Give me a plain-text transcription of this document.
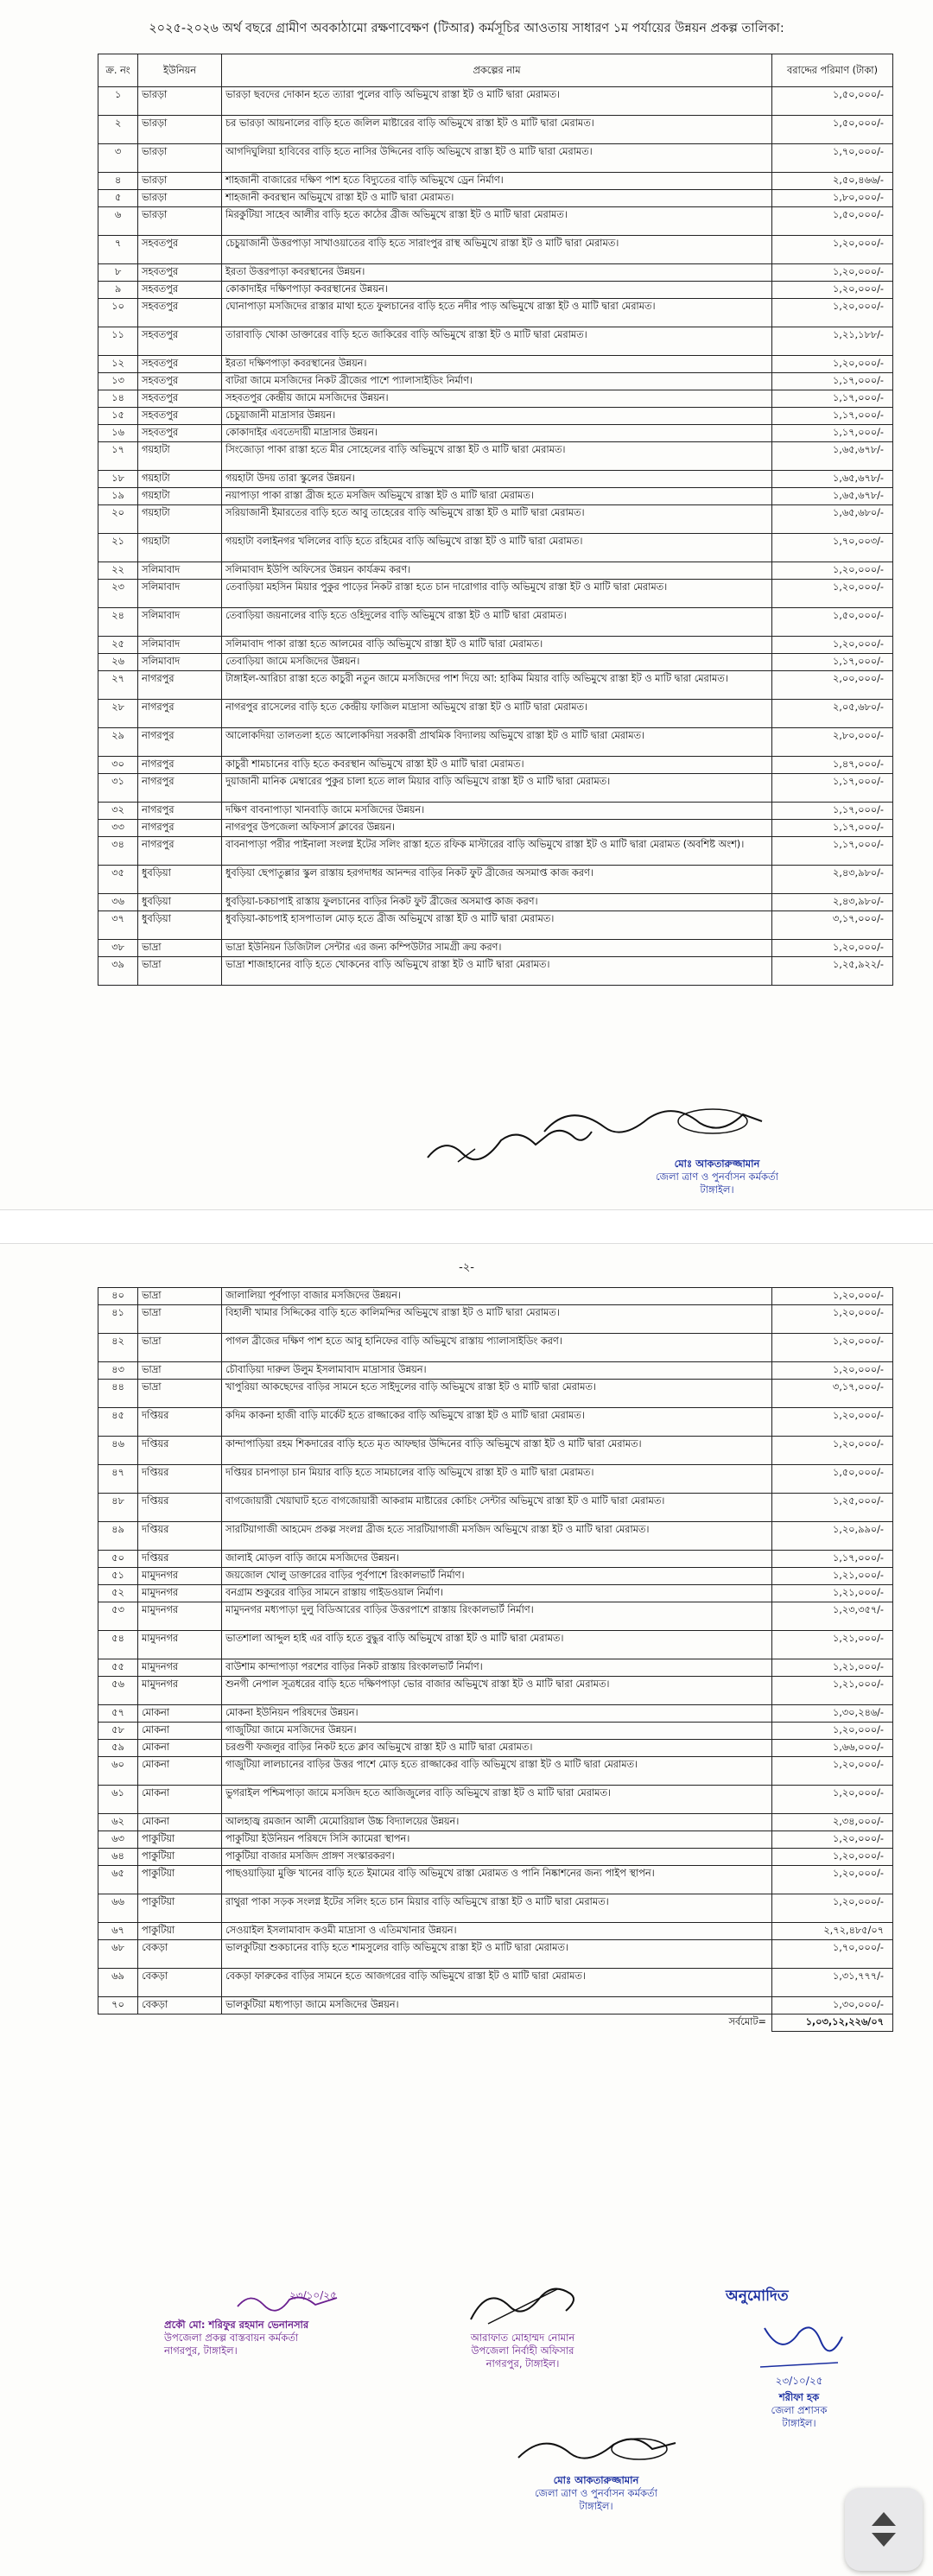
২০২৫-২০২৬ অর্থ বছরে গ্রামীণ অবকাঠামো রক্ষণাবেক্ষণ (টিআর) কর্মসূচির আওতায় সাধারণ ১ম পর্যায়ের উন্নয়ন প্রকল্প তালিকা:
ক্র. নং	ইউনিয়ন	প্রকল্পের নাম	বরাদ্দের পরিমাণ (টাকা)
১	ভারড়া	ভারড়া ছবদের দোকান হতে ত্যারা পুলের বাড়ি অভিমুখে রাস্তা ইট ও মাটি দ্বারা মেরামত।	১,৫০,০০০/-
২	ভারড়া	চর ভারড়া আয়নালের বাড়ি হতে জলিল মাষ্টারের বাড়ি অভিমুখে রাস্তা ইট ও মাটি দ্বারা মেরামত।	১,৫০,০০০/-
৩	ভারড়া	আগদিঘুলিয়া হাবিবের বাড়ি হতে নাসির উদ্দিনের বাড়ি অভিমুখে রাস্তা ইট ও মাটি দ্বারা মেরামত।	১,৭০,০০০/-
৪	ভারড়া	শাহজানী বাজারের দক্ষিণ পাশ হতে বিদ্যুতের বাড়ি অভিমুখে ড্রেন নির্মাণ।	২,৫০,৪৬৬/-
৫	ভারড়া	শাহজানী কবরস্থান অভিমুখে রাস্তা ইট ও মাটি দ্বারা মেরামত।	১,৮০,০০০/-
৬	ভারড়া	মিরকুটিয়া সাহেব আলীর বাড়ি হতে কাঠের ব্রীজ অভিমুখে রাস্তা ইট ও মাটি দ্বারা মেরামত।	১,৫০,০০০/-
৭	সহবতপুর	চেচুয়াজানী উত্তরপাড়া সাখাওয়াতের বাড়ি হতে সারাংপুর রাস্থ অভিমুখে রাস্তা ইট ও মাটি দ্বারা মেরামত।	১,২০,০০০/-
৮	সহবতপুর	ইরতা উত্তরপাড়া কবরস্থানের উন্নয়ন।	১,২০,০০০/-
৯	সহবতপুর	কোকাদাইর দক্ষিণপাড়া কবরস্থানের উন্নয়ন।	১,২০,০০০/-
১০	সহবতপুর	ঘোনাপাড়া মসজিদের রাস্তার মাথা হতে ফুলচানের বাড়ি হতে নদীর পাড় অভিমুখে রাস্তা ইট ও মাটি দ্বারা মেরামত।	১,২০,০০০/-
১১	সহবতপুর	তারাবাড়ি খোকা ডাক্তারের বাড়ি হতে জাকিরের বাড়ি অভিমুখে রাস্তা ইট ও মাটি দ্বারা মেরামত।	১,২১,১৮৮/-
১২	সহবতপুর	ইরতা দক্ষিণপাড়া কবরস্থানের উন্নয়ন।	১,২০,০০০/-
১৩	সহবতপুর	বাটরা জামে মসজিদের নিকট ব্রীজের পাশে প্যালাসাইডিং নির্মাণ।	১,১৭,০০০/-
১৪	সহবতপুর	সহবতপুর কেন্দ্রীয় জামে মসজিদের উন্নয়ন।	১,১৭,০০০/-
১৫	সহবতপুর	চেচুয়াজানী মাদ্রাসার উন্নয়ন।	১,১৭,০০০/-
১৬	সহবতপুর	কোকাদাইর এবতেদায়ী মাদ্রাসার উন্নয়ন।	১,১৭,০০০/-
১৭	গয়হাটা	সিংজোড়া পাকা রাস্তা হতে মীর সোহেলের বাড়ি অভিমুখে রাস্তা ইট ও মাটি দ্বারা মেরামত।	১,৬৫,৬৭৮/-
১৮	গয়হাটা	গয়হাটা উদয় তারা স্কুলের উন্নয়ন।	১,৬৫,৬৭৮/-
১৯	গয়হাটা	নয়াপাড়া পাকা রাস্তা ব্রীজ হতে মসজিদ অভিমুখে রাস্তা ইট ও মাটি দ্বারা মেরামত।	১,৬৫,৬৭৮/-
২০	গয়হাটা	সরিয়াজানী ইমারতের বাড়ি হতে আবু তাহেরের বাড়ি অভিমুখে রাস্তা ইট ও মাটি দ্বারা মেরামত।	১,৬৫,৬৮০/-
২১	গয়হাটা	গয়হাটা বলাইনগর খলিলের বাড়ি হতে রহিমের বাড়ি অভিমুখে রাস্তা ইট ও মাটি দ্বারা মেরামত।	১,৭০,০০৩/-
২২	সলিমাবাদ	সলিমাবাদ ইউপি অফিসের উন্নয়ন কার্যক্রম করণ।	১,২০,০০০/-
২৩	সলিমাবাদ	তেবাড়িয়া মহসিন মিয়ার পুকুর পাড়ের নিকট রাস্তা হতে চান দারোগার বাড়ি অভিমুখে রাস্তা ইট ও মাটি দ্বারা মেরামত।	১,২০,০০০/-
২৪	সলিমাবাদ	তেবাড়িয়া জয়নালের বাড়ি হতে ওহিদুলের বাড়ি অভিমুখে রাস্তা ইট ও মাটি দ্বারা মেরামত।	১,৫০,০০০/-
২৫	সলিমাবাদ	সলিমাবাদ পাকা রাস্তা হতে আলমের বাড়ি অভিমুখে রাস্তা ইট ও মাটি দ্বারা মেরামত।	১,২০,০০০/-
২৬	সলিমাবাদ	তেবাড়িয়া জামে মসজিদের উন্নয়ন।	১,১৭,০০০/-
২৭	নাগরপুর	টাঙ্গাইল-আরিচা রাস্তা হতে কাচুরী নতুন জামে মসজিদের পাশ দিয়ে আ: হাকিম মিয়ার বাড়ি অভিমুখে রাস্তা ইট ও মাটি দ্বারা মেরামত।	২,০০,০০০/-
২৮	নাগরপুর	নাগরপুর রাসেলের বাড়ি হতে কেন্দ্রীয় ফাজিল মাদ্রাসা অভিমুখে রাস্তা ইট ও মাটি দ্বারা মেরামত।	২,০৫,৬৮০/-
২৯	নাগরপুর	আলোকদিয়া তালতলা হতে আলোকদিয়া সরকারী প্রাথমিক বিদ্যালয় অভিমুখে রাস্তা ইট ও মাটি দ্বারা মেরামত।	২,৮০,০০০/-
৩০	নাগরপুর	কাচুরী শামচানের বাড়ি হতে কবরস্থান অভিমুখে রাস্তা ইট ও মাটি দ্বারা মেরামত।	১,৪৭,০০০/-
৩১	নাগরপুর	দুয়াজানী মানিক মেম্বারের পুকুর চালা হতে লাল মিয়ার বাড়ি অভিমুখে রাস্তা ইট ও মাটি দ্বারা মেরামত।	১,১৭,০০০/-
৩২	নাগরপুর	দক্ষিণ বাবনাপাড়া খানবাড়ি জামে মসজিদের উন্নয়ন।	১,১৭,০০০/-
৩৩	নাগরপুর	নাগরপুর উপজেলা অফিসার্স ক্লাবের উন্নয়ন।	১,১৭,০০০/-
৩৪	নাগরপুর	বাবনাপাড়া পরীর পাইনালা সংলগ্ন ইটের সলিং রাস্তা হতে রফিক মাস্টারের বাড়ি অভিমুখে রাস্তা ইট ও মাটি দ্বারা মেরামত (অবশিষ্ট অংশ)।	১,১৭,০০০/-
৩৫	ধুবড়িয়া	ধুবড়িয়া ছেপাতুল্লার স্কুল রাস্তায় হরগদাধর আনন্দর বাড়ির নিকট ফুট ব্রীজের অসমাপ্ত কাজ করণ।	২,৪৩,৯৮০/-
৩৬	ধুবড়িয়া	ধুবড়িয়া-চকচাপাই রাস্তায় ফুলচানের বাড়ির নিকট ফুট ব্রীজের অসমাপ্ত কাজ করণ।	২,৪৩,৯৮০/-
৩৭	ধুবড়িয়া	ধুবড়িয়া-কাচপাই হাসপাতাল মোড় হতে ব্রীজ অভিমুখে রাস্তা ইট ও মাটি দ্বারা মেরামত।	৩,১৭,০০০/-
৩৮	ভাদ্রা	ভাদ্রা ইউনিয়ন ডিজিটাল সেন্টার এর জন্য কম্পিউটার সামগ্রী ক্রয় করণ।	১,২০,০০০/-
৩৯	ভাদ্রা	ভাদ্রা শাজাহানের বাড়ি হতে খোকনের বাড়ি অভিমুখে রাস্তা ইট ও মাটি দ্বারা মেরামত।	১,২৫,৯২২/-
মোঃ আকতারুজ্জামান
জেলা ত্রাণ ও পুনর্বাসন কর্মকর্তা
টাঙ্গাইল।
-২-
৪০	ভাদ্রা	জালালিয়া পূর্বপাড়া বাজার মসজিদের উন্নয়ন।	১,২০,০০০/-
৪১	ভাদ্রা	বিহালী খামার সিদ্দিকের বাড়ি হতে কালিমন্দির অভিমুখে রাস্তা ইট ও মাটি দ্বারা মেরামত।	১,২০,০০০/-
৪২	ভাদ্রা	পাগল ব্রীজের দক্ষিণ পাশ হতে আবু হানিফের বাড়ি অভিমুখে রাস্তায় প্যালাসাইডিং করণ।	১,২০,০০০/-
৪৩	ভাদ্রা	চৌবাড়িয়া দারুল উলুম ইসলামাবাদ মাদ্রাসার উন্নয়ন।	১,২০,০০০/-
৪৪	ভাদ্রা	খাপুরিয়া আকছেদের বাড়ির সামনে হতে সাইদুলের বাড়ি অভিমুখে রাস্তা ইট ও মাটি দ্বারা মেরামত।	৩,১৭,০০০/-
৪৫	দপ্তিয়র	কদিম কাকনা হাজী বাড়ি মার্কেট হতে রাজ্জাকের বাড়ি অভিমুখে রাস্তা ইট ও মাটি দ্বারা মেরামত।	১,২০,০০০/-
৪৬	দপ্তিয়র	কান্দাপাড়িয়া রহম শিকদারের বাড়ি হতে মৃত আফছার উদ্দিনের বাড়ি অভিমুখে রাস্তা ইট ও মাটি দ্বারা মেরামত।	১,২০,০০০/-
৪৭	দপ্তিয়র	দপ্তিয়র চানপাড়া চান মিয়ার বাড়ি হতে সামচালের বাড়ি অভিমুখে রাস্তা ইট ও মাটি দ্বারা মেরামত।	১,৫০,০০০/-
৪৮	দপ্তিয়র	বাগজোয়ারী খেয়াঘাট হতে বাগজোয়ারী আকরাম মাষ্টারের কোচিং সেন্টার অভিমুখে রাস্তা ইট ও মাটি দ্বারা মেরামত।	১,২৫,০০০/-
৪৯	দপ্তিয়র	সারটিয়াগাজী আহমেদ প্রকল্প সংলগ্ন ব্রীজ হতে সারটিয়াগাজী মসজিদ অভিমুখে রাস্তা ইট ও মাটি দ্বারা মেরামত।	১,২০,৯৯০/-
৫০	দপ্তিয়র	জালাই মোড়ল বাড়ি জামে মসজিদের উন্নয়ন।	১,১৭,০০০/-
৫১	মামুদনগর	জয়জোল খোলু ডাক্তারের বাড়ির পূর্বপাশে রিংকালভার্ট নির্মাণ।	১,২১,০০০/-
৫২	মামুদনগর	বনগ্রাম শুকুরের বাড়ির সামনে রাস্তায় গাইডওয়াল নির্মাণ।	১,২১,০০০/-
৫৩	মামুদনগর	মামুদনগর মধ্যপাড়া দুলু বিডিআরের বাড়ির উত্তরপাশে রাস্তায় রিংকালভার্ট নির্মাণ।	১,২৩,৩৫৭/-
৫৪	মামুদনগর	ভাতশালা আব্দুল হাই এর বাড়ি হতে বুদ্ধুর বাড়ি অভিমুখে রাস্তা ইট ও মাটি দ্বারা মেরামত।	১,২১,০০০/-
৫৫	মামুদনগর	বাউশাম কান্দাপাড়া পরশের বাড়ির নিকট রাস্তায় রিংকালভার্ট নির্মাণ।	১,২১,০০০/-
৫৬	মামুদনগর	শুনগী নেপাল সূত্রধরের বাড়ি হতে দক্ষিণপাড়া ভোর বাজার অভিমুখে রাস্তা ইট ও মাটি দ্বারা মেরামত।	১,২১,০০০/-
৫৭	মোকনা	মোকনা ইউনিয়ন পরিষদের উন্নয়ন।	১,৩০,২৪৬/-
৫৮	মোকনা	গাজুটিয়া জামে মসজিদের উন্নয়ন।	১,২০,০০০/-
৫৯	মোকনা	চরগুণী ফজলুর বাড়ির নিকট হতে ক্লাব অভিমুখে রাস্তা ইট ও মাটি দ্বারা মেরামত।	১,৬৬,০০০/-
৬০	মোকনা	গাজুটিয়া লালচানের বাড়ির উত্তর পাশে মোড় হতে রাজ্জাকের বাড়ি অভিমুখে রাস্তা ইট ও মাটি দ্বারা মেরামত।	১,২০,০০০/-
৬১	মোকনা	ভুগরাইল পশ্চিমপাড়া জামে মসজিদ হতে আজিজুলের বাড়ি অভিমুখে রাস্তা ইট ও মাটি দ্বারা মেরামত।	১,২০,০০০/-
৬২	মোকনা	আলহাজ্ব রমজান আলী মেমোরিয়াল উচ্চ বিদ্যালয়ের উন্নয়ন।	২,৩৪,০০০/-
৬৩	পাকুটিয়া	পাকুটিয়া ইউনিয়ন পরিষদে সিসি ক্যামেরা স্থাপন।	১,২০,০০০/-
৬৪	পাকুটিয়া	পাকুটিয়া বাজার মসজিদ প্রাঙ্গণ সংস্কারকরণ।	১,২০,০০০/-
৬৫	পাকুটিয়া	পাছওয়াড়িয়া মুক্তি খানের বাড়ি হতে ইমামের বাড়ি অভিমুখে রাস্তা মেরামত ও পানি নিষ্কাশনের জন্য পাইপ স্থাপন।	১,২০,০০০/-
৬৬	পাকুটিয়া	রাথুরা পাকা সড়ক সংলগ্ন ইটের সলিং হতে চান মিয়ার বাড়ি অভিমুখে রাস্তা ইট ও মাটি দ্বারা মেরামত।	১,২০,০০০/-
৬৭	পাকুটিয়া	সেওয়াইল ইসলামাবাদ কওমী মাদ্রাসা ও এতিমখানার উন্নয়ন।	২,৭২,৪৮৫/০৭
৬৮	বেকড়া	ভালকুটিয়া শুকচানের বাড়ি হতে শামসুলের বাড়ি অভিমুখে রাস্তা ইট ও মাটি দ্বারা মেরামত।	১,৭০,০০০/-
৬৯	বেকড়া	বেকড়া ফারুকের বাড়ির সামনে হতে আজগরের বাড়ি অভিমুখে রাস্তা ইট ও মাটি দ্বারা মেরামত।	১,৩১,৭৭৭/-
৭০	বেকড়া	ভালকুটিয়া মধ্যপাড়া জামে মসজিদের উন্নয়ন।	১,৩০,০০০/-
সর্বমোট=			১,০৩,১২,২২৬/০৭
২৩/১০/২৫
প্রকৌ মো: শরিফুর রহমান ভেনানসার
উপজেলা প্রকল্প বাস্তবায়ন কর্মকর্তা
নাগরপুর, টাঙ্গাইল।
আরাফাত মোহাম্মদ নোমান
উপজেলা নির্বাহী অফিসার
নাগরপুর, টাঙ্গাইল।
অনুমোদিত
২৩/১০/২৫
শরীফা হক
জেলা প্রশাসক
টাঙ্গাইল।
মোঃ আকতারুজ্জামান
জেলা ত্রাণ ও পুনর্বাসন কর্মকর্তা
টাঙ্গাইল।
